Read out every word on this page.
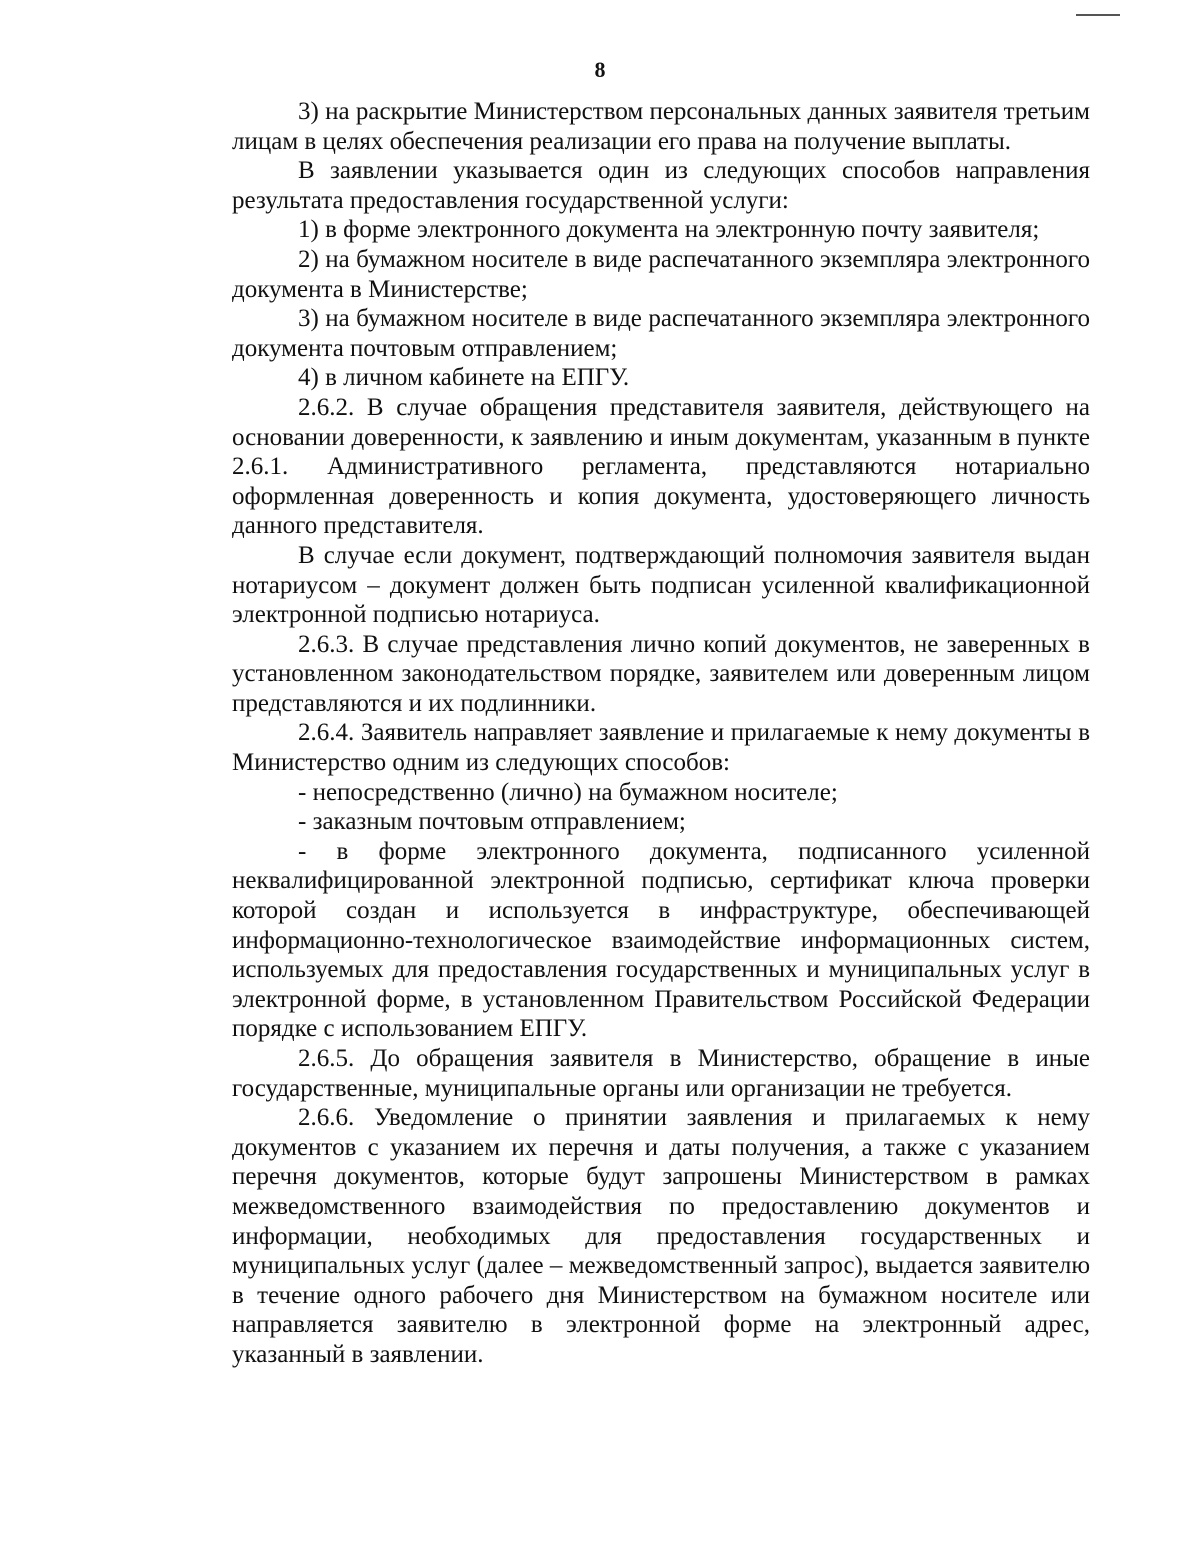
8

3) на раскрытие Министерством персональных данных заявителя третьим лицам в целях обеспечения реализации его права на получение выплаты.

В заявлении указывается один из следующих способов направления результата предоставления государственной услуги:

1) в форме электронного документа на электронную почту заявителя;

2) на бумажном носителе в виде распечатанного экземпляра электронного документа в Министерстве;

3) на бумажном носителе в виде распечатанного экземпляра электронного документа почтовым отправлением;

4) в личном кабинете на ЕПГУ.

2.6.2. В случае обращения представителя заявителя, действующего на основании доверенности, к заявлению и иным документам, указанным в пункте 2.6.1. Административного регламента, представляются нотариально оформленная доверенность и копия документа, удостоверяющего личность данного представителя.

В случае если документ, подтверждающий полномочия заявителя выдан нотариусом – документ должен быть подписан усиленной квалификационной электронной подписью нотариуса.

2.6.3. В случае представления лично копий документов, не заверенных в установленном законодательством порядке, заявителем или доверенным лицом представляются и их подлинники.

2.6.4. Заявитель направляет заявление и прилагаемые к нему документы в Министерство одним из следующих способов:

- непосредственно (лично) на бумажном носителе;

- заказным почтовым отправлением;

- в форме электронного документа, подписанного усиленной неквалифицированной электронной подписью, сертификат ключа проверки которой создан и используется в инфраструктуре, обеспечивающей информационно-технологическое взаимодействие информационных систем, используемых для предоставления государственных и муниципальных услуг в электронной форме, в установленном Правительством Российской Федерации порядке с использованием ЕПГУ.

2.6.5. До обращения заявителя в Министерство, обращение в иные государственные, муниципальные органы или организации не требуется.

2.6.6. Уведомление о принятии заявления и прилагаемых к нему документов с указанием их перечня и даты получения, а также с указанием перечня документов, которые будут запрошены Министерством в рамках межведомственного взаимодействия по предоставлению документов и информации, необходимых для предоставления государственных и муниципальных услуг (далее – межведомственный запрос), выдается заявителю в течение одного рабочего дня Министерством на бумажном носителе или направляется заявителю в электронной форме на электронный адрес, указанный в заявлении.
